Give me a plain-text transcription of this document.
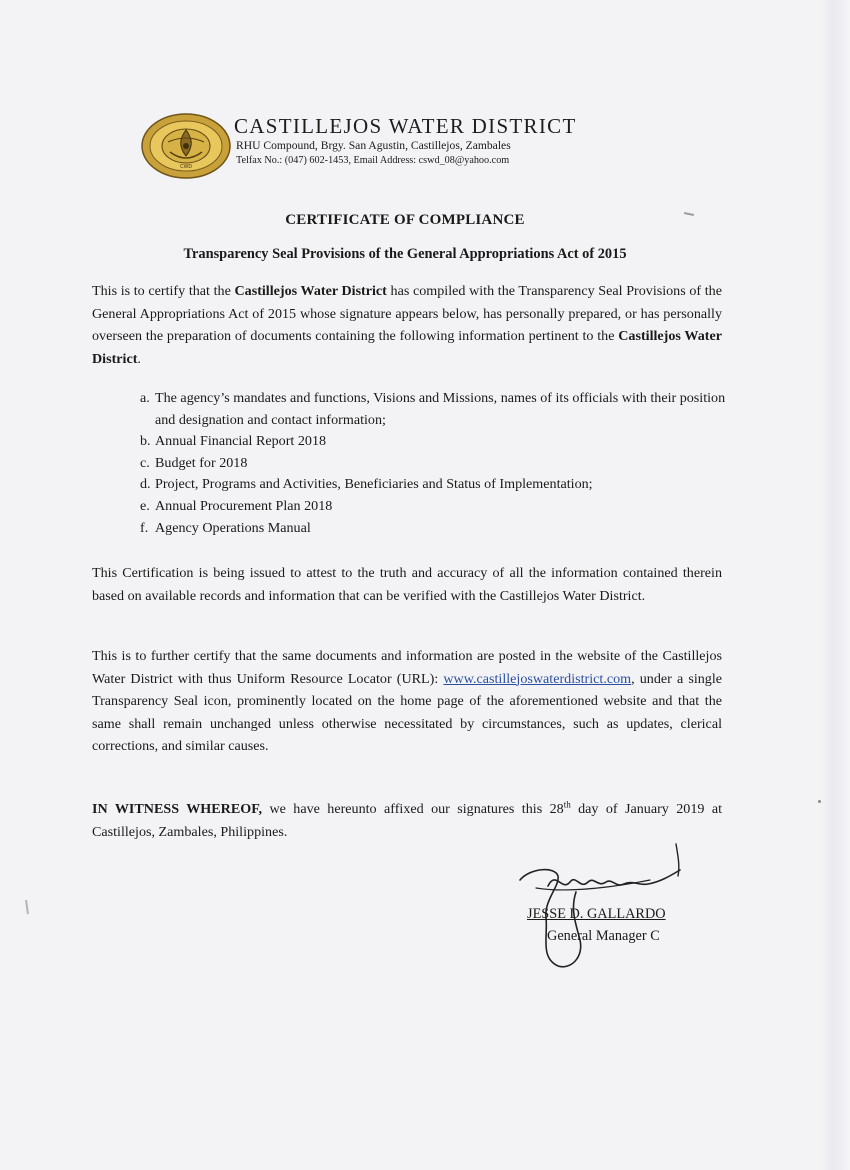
CWD
CASTILLEJOS WATER DISTRICT
RHU Compound, Brgy. San Agustin, Castillejos, Zambales
Telfax No.: (047) 602-1453, Email Address: cswd_08@yahoo.com
CERTIFICATE OF COMPLIANCE
Transparency Seal Provisions of the General Appropriations Act of 2015
This is to certify that the Castillejos Water District has compiled with the Transparency Seal Provisions of the General Appropriations Act of 2015 whose signature appears below, has personally prepared, or has personally overseen the preparation of documents containing the following information pertinent to the Castillejos Water District.
a. The agency’s mandates and functions, Visions and Missions, names of its officials with their position and designation and contact information;
b. Annual Financial Report 2018
c. Budget for 2018
d. Project, Programs and Activities, Beneficiaries and Status of Implementation;
e. Annual Procurement Plan 2018
f. Agency Operations Manual
This Certification is being issued to attest to the truth and accuracy of all the information contained therein based on available records and information that can be verified with the Castillejos Water District.
This is to further certify that the same documents and information are posted in the website of the Castillejos Water District with thus Uniform Resource Locator (URL): www.castillejoswaterdistrict.com, under a single Transparency Seal icon, prominently located on the home page of the aforementioned website and that the same shall remain unchanged unless otherwise necessitated by circumstances, such as updates, clerical corrections, and similar causes.
IN WITNESS WHEREOF, we have hereunto affixed our signatures this 28th day of January 2019 at Castillejos, Zambales, Philippines.
JESSE D. GALLARDO
General Manager C
